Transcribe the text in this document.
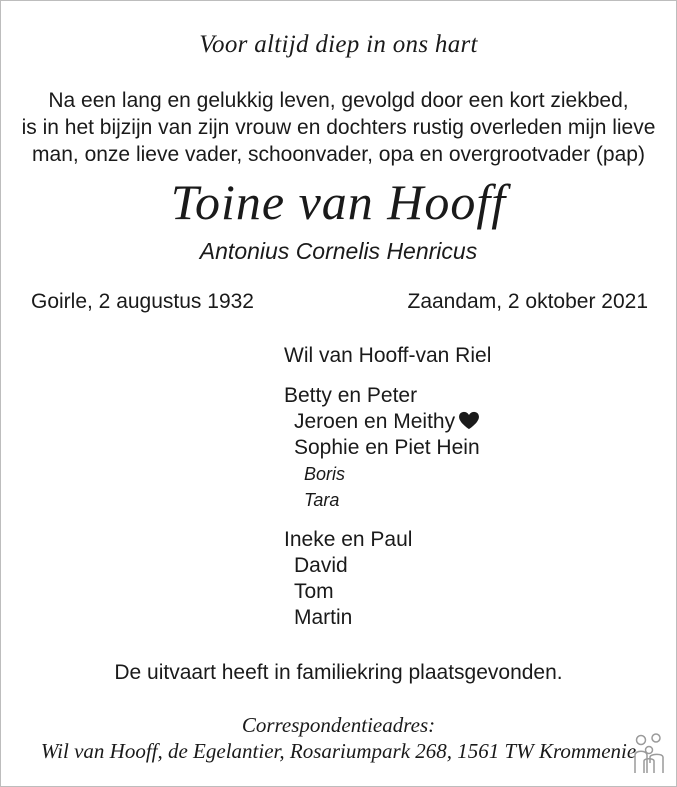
Voor altijd diep in ons hart
Na een lang en gelukkig leven, gevolgd door een kort ziekbed,
is in het bijzijn van zijn vrouw en dochters rustig overleden mijn lieve
man, onze lieve vader, schoonvader, opa en overgrootvader (pap)
Toine van Hooff
Antonius Cornelis Henricus
Goirle, 2 augustus 1932	Zaandam, 2 oktober 2021
Wil van Hooff-van Riel
Betty en Peter
Jeroen en Meithy
Sophie en Piet Hein
Boris
Tara
Ineke en Paul
David
Tom
Martin
De uitvaart heeft in familiekring plaatsgevonden.
Correspondentieadres:
Wil van Hooff, de Egelantier, Rosariumpark 268, 1561 TW Krommenie
